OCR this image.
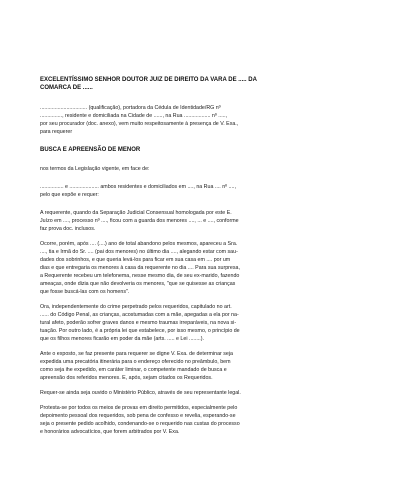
EXCELENTÍSSIMO SENHOR DOUTOR JUIZ DE DIREITO DA VARA DE ..... DA
COMARCA DE ......

................................ (qualificação), portadora da Cédula de Identidade/RG nº
..............., residente e domiciliada na Cidade de ......, na Rua .................. nº .....,
por seu procurador (doc. anexo), vem muito respeitosamente à presença de V. Exa.,
para requerer

BUSCA E APREENSÃO DE MENOR

nos termos da Legislação vigente, em face de:

................ e .................... ambos residentes e domiciliados em ...., na Rua .... nº ....,
pelo que expõe e requer:

A requerente, quando da Separação Judicial Consensual homologada por este E.
Juízo em ...., processo nº ...., ficou com a guarda dos menores ...., ... e ...., conforme
faz prova doc. inclusos.

Ocorre, porém, após .... (....) ano de total abandono pelos mesmos, apareceu a Sra.
...., tia e Irmã do Sr. .... (pai dos menores) no último dia ...., alegando estar com sau-
dades dos sobrinhos, e que queria levá-los para ficar em sua casa em .... por um
dias e que entregaria os menores à casa da requerente no dia .... Para sua surpresa,
a Requerente recebeu um telefonema, nesse mesmo dia, de seu ex-marido, fazendo
ameaças, onde dizia que não devolveria os menores, "que se quisesse as crianças
que fosse buscá-las com os homens".

Ora, independentemente do crime perpetrado pelos requeridos, capitulado no art.
...... do Código Penal, as crianças, acostumadas com a mãe, apegadas a ela por na-
tural afeto, poderão sofrer graves danos e mesmo traumas irreparáveis, na nova si-
tuação. Por outro lado, é a própria lei que estabelece, por isso mesmo, o princípio de
que os filhos menores ficarão em poder da mãe (arts. ..... e Lei ........).

Ante o exposto, se faz presente para requerer se digne V. Exa. de determinar seja
expedida uma precatória itinerária para o endereço oferecido no preâmbulo, bem
como seja ihe expedido, em caráter liminar, o competente mandado de busca e
apreensão dos referidos menores. E, após, sejam citados os Requeridos.

Requer-se ainda seja ouvido o Ministério Público, através de seu representante legal.

Protesta-se por todos os meios de provas em direito permitidos, especialmente pelo
depoimento pessoal dos requeridos, sob pena de confesso e revelia, esperando-se
seja o presente pedido acolhido, condenando-se o requerido nas custas do processo
e honorários advocatícios, que forem arbitrados por V. Exa.
